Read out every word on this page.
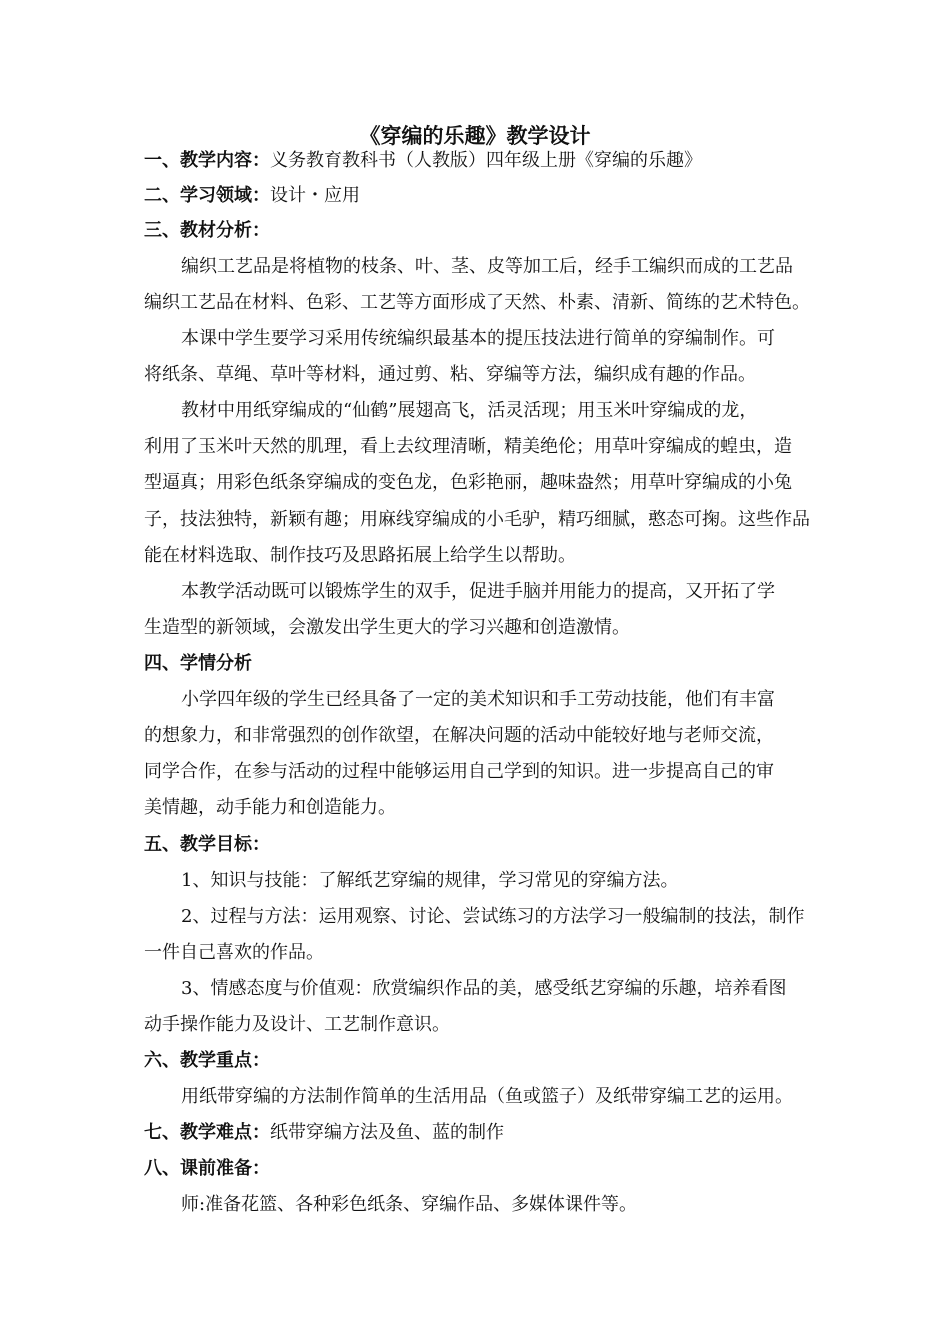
《穿编的乐趣》教学设计
一、教学内容：义务教育教科书（人教版）四年级上册《穿编的乐趣》
二、学习领域：设计・应用
三、教材分析：
编织工艺品是将植物的枝条、叶、茎、皮等加工后，经手工编织而成的工艺品
编织工艺品在材料、色彩、工艺等方面形成了天然、朴素、清新、简练的艺术特色。
本课中学生要学习采用传统编织最基本的提压技法进行简单的穿编制作。可
将纸条、草绳、草叶等材料，通过剪、粘、穿编等方法，编织成有趣的作品。
教材中用纸穿编成的“仙鹤”展翅高飞，活灵活现；用玉米叶穿编成的龙，
利用了玉米叶天然的肌理，看上去纹理清晰，精美绝伦；用草叶穿编成的蝗虫，造
型逼真；用彩色纸条穿编成的变色龙，色彩艳丽，趣味盎然；用草叶穿编成的小兔
子，技法独特，新颖有趣；用麻线穿编成的小毛驴，精巧细腻，憨态可掬。这些作品
能在材料选取、制作技巧及思路拓展上给学生以帮助。
本教学活动既可以锻炼学生的双手，促进手脑并用能力的提高，又开拓了学
生造型的新领域，会激发出学生更大的学习兴趣和创造激情。
四、学情分析
小学四年级的学生已经具备了一定的美术知识和手工劳动技能，他们有丰富
的想象力，和非常强烈的创作欲望，在解决问题的活动中能较好地与老师交流，
同学合作，在参与活动的过程中能够运用自己学到的知识。进一步提高自己的审
美情趣，动手能力和创造能力。
五、教学目标：
1、知识与技能：了解纸艺穿编的规律，学习常见的穿编方法。
2、过程与方法：运用观察、讨论、尝试练习的方法学习一般编制的技法，制作
一件自己喜欢的作品。
3、情感态度与价值观：欣赏编织作品的美，感受纸艺穿编的乐趣，培养看图
动手操作能力及设计、工艺制作意识。
六、教学重点：
用纸带穿编的方法制作简单的生活用品（鱼或篮子）及纸带穿编工艺的运用。
七、教学难点：纸带穿编方法及鱼、蓝的制作
八、课前准备：
师:准备花篮、各种彩色纸条、穿编作品、多媒体课件等。
